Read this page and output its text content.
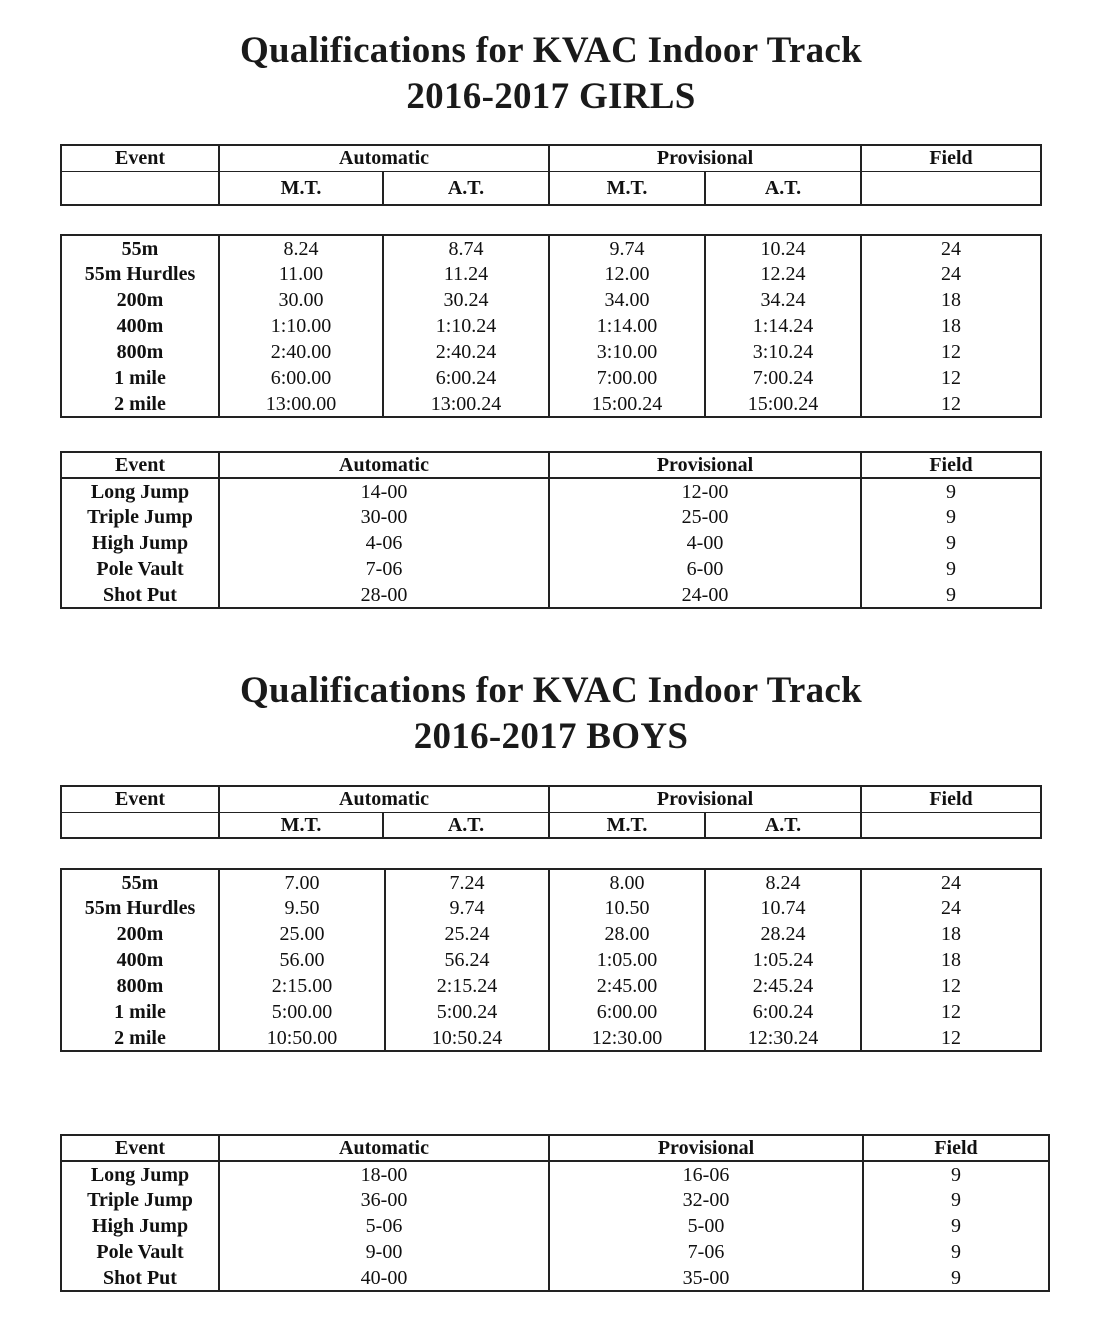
Qualifications for KVAC Indoor Track
2016-2017 GIRLS
Event	Automatic		Provisional		Field
	M.T.	A.T.	M.T.	A.T.	
55m	8.24	8.74	9.74	10.24	24
55m Hurdles	11.00	11.24	12.00	12.24	24
200m	30.00	30.24	34.00	34.24	18
400m	1:10.00	1:10.24	1:14.00	1:14.24	18
800m	2:40.00	2:40.24	3:10.00	3:10.24	12
1 mile	6:00.00	6:00.24	7:00.00	7:00.24	12
2 mile	13:00.00	13:00.24	15:00.24	15:00.24	12
Event	Automatic	Provisional	Field
Long Jump	14-00	12-00	9
Triple Jump	30-00	25-00	9
High Jump	4-06	4-00	9
Pole Vault	7-06	6-00	9
Shot Put	28-00	24-00	9
Qualifications for KVAC Indoor Track
2016-2017 BOYS
Event	Automatic		Provisional		Field
	M.T.	A.T.	M.T.	A.T.	
55m	7.00	7.24	8.00	8.24	24
55m Hurdles	9.50	9.74	10.50	10.74	24
200m	25.00	25.24	28.00	28.24	18
400m	56.00	56.24	1:05.00	1:05.24	18
800m	2:15.00	2:15.24	2:45.00	2:45.24	12
1 mile	5:00.00	5:00.24	6:00.00	6:00.24	12
2 mile	10:50.00	10:50.24	12:30.00	12:30.24	12
Event	Automatic	Provisional	Field
Long Jump	18-00	16-06	9
Triple Jump	36-00	32-00	9
High Jump	5-06	5-00	9
Pole Vault	9-00	7-06	9
Shot Put	40-00	35-00	9
